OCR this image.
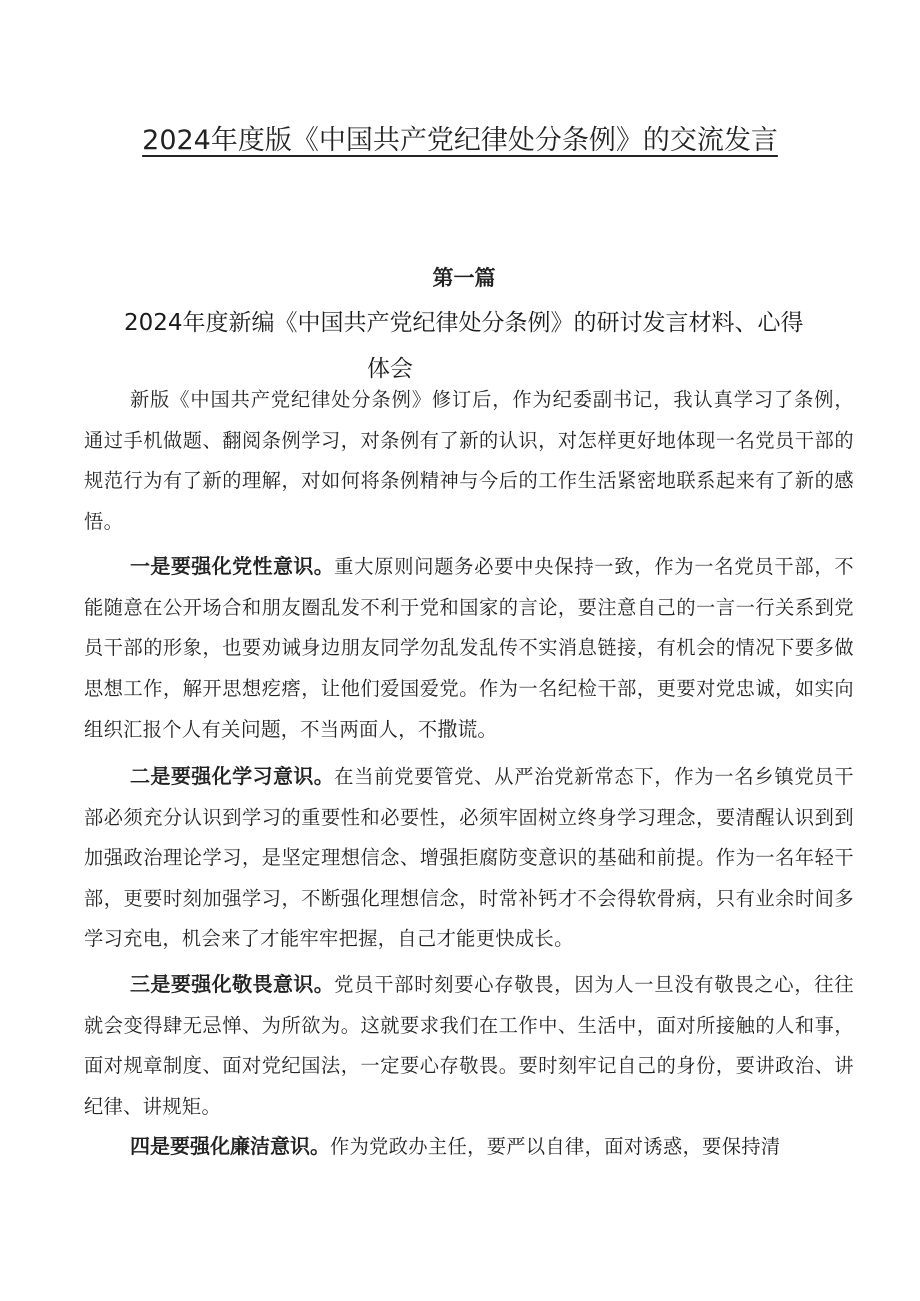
2024年度版《中国共产党纪律处分条例》的交流发言
第一篇
2024年度新编《中国共产党纪律处分条例》的研讨发言材料、心得
体会
新版《中国共产党纪律处分条例》修订后，作为纪委副书记，我认真学习了条例，通过手机做题、翻阅条例学习，对条例有了新的认识，对怎样更好地体现一名党员干部的规范行为有了新的理解，对如何将条例精神与今后的工作生活紧密地联系起来有了新的感悟。
一是要强化党性意识。重大原则问题务必要中央保持一致，作为一名党员干部，不能随意在公开场合和朋友圈乱发不利于党和国家的言论，要注意自己的一言一行关系到党员干部的形象，也要劝诫身边朋友同学勿乱发乱传不实消息链接，有机会的情况下要多做思想工作，解开思想疙瘩，让他们爱国爱党。作为一名纪检干部，更要对党忠诚，如实向组织汇报个人有关问题，不当两面人，不撒谎。
二是要强化学习意识。在当前党要管党、从严治党新常态下，作为一名乡镇党员干部必须充分认识到学习的重要性和必要性，必须牢固树立终身学习理念，要清醒认识到到加强政治理论学习，是坚定理想信念、增强拒腐防变意识的基础和前提。作为一名年轻干部，更要时刻加强学习，不断强化理想信念，时常补钙才不会得软骨病，只有业余时间多学习充电，机会来了才能牢牢把握，自己才能更快成长。
三是要强化敬畏意识。党员干部时刻要心存敬畏，因为人一旦没有敬畏之心，往往就会变得肆无忌惮、为所欲为。这就要求我们在工作中、生活中，面对所接触的人和事，面对规章制度、面对党纪国法，一定要心存敬畏。要时刻牢记自己的身份，要讲政治、讲纪律、讲规矩。
四是要强化廉洁意识。作为党政办主任，要严以自律，面对诱惑，要保持清
